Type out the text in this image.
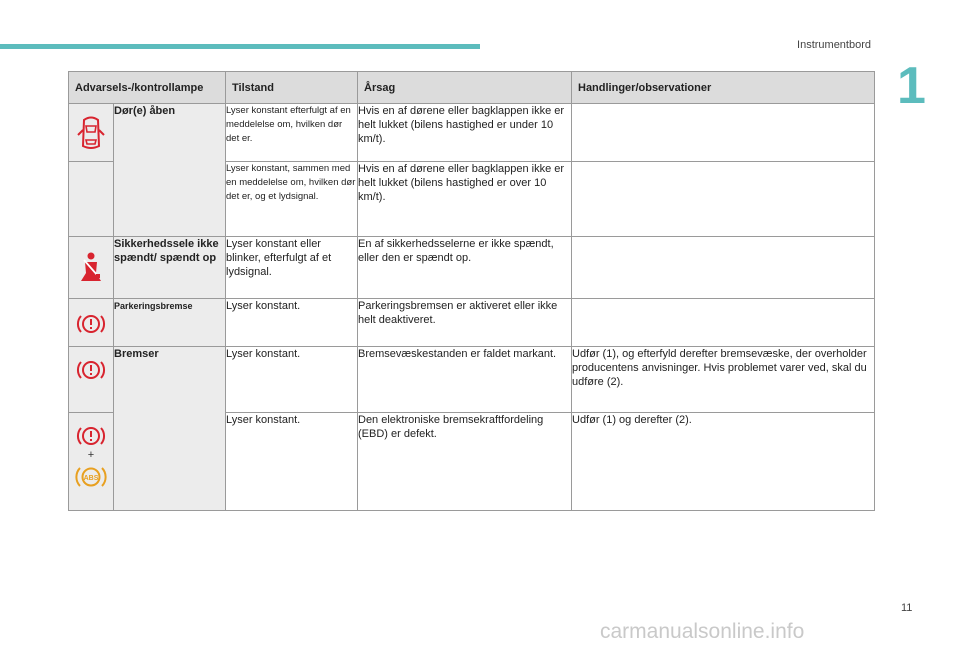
Instrumentbord
1
Advarsels-/kontrollampe		Tilstand	Årsag	Handlinger/observationer

	Dør(e) åben	Lyser konstant efterfulgt af en meddelelse om, hvilken dør det er.	Hvis en af dørene eller bagklappen ikke er helt lukket (bilens hastighed er under 10 km/t).	
		Lyser konstant, sammen med en meddelelse om, hvilken dør det er, og et lydsignal.	Hvis en af dørene eller bagklappen ikke er helt lukket (bilens hastighed er over 10 km/t).	

	Sikkerhedssele ikke spændt/ spændt op	Lyser konstant eller blinker, efterfulgt af et lydsignal.	En af sikkerhedsselerne er ikke spændt, eller den er spændt op.	

	Parkeringsbremse	Lyser konstant.	Parkeringsbremsen er aktiveret eller ikke helt deaktiveret.	

	Bremser	Lyser konstant.	Bremsevæskestanden er faldet markant.	Udfør (1), og efterfyld derefter bremsevæske, der overholder producentens anvisninger. Hvis problemet varer ved, skal du udføre (2).

+
ABS		Lyser konstant.	Den elektroniske bremsekraftfordeling (EBD) er defekt.	Udfør (1) og derefter (2).
11
carmanualsonline.info
